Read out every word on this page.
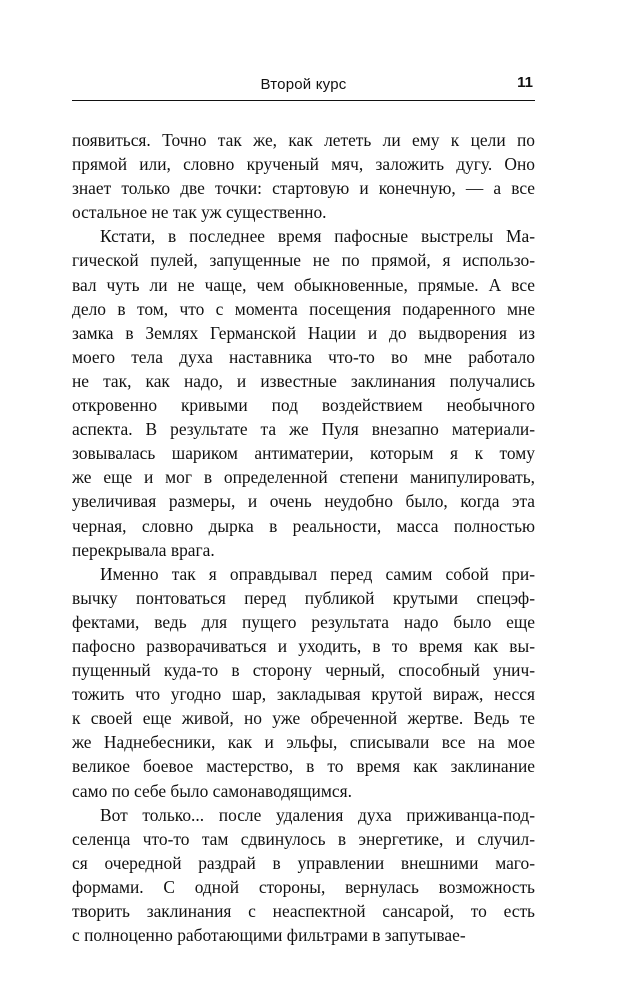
Второй курс	11
появиться. Точно так же, как лететь ли ему к цели по
прямой или, словно крученый мяч, заложить дугу. Оно
знает только две точки: стартовую и конечную, — а все
остальное не так уж существенно.
Кстати, в последнее время пафосные выстрелы Ма-
гической пулей, запущенные не по прямой, я использо-
вал чуть ли не чаще, чем обыкновенные, прямые. А все
дело в том, что с момента посещения подаренного мне
замка в Землях Германской Нации и до выдворения из
моего тела духа наставника что-то во мне работало
не так, как надо, и известные заклинания получались
откровенно кривыми под воздействием необычного
аспекта. В результате та же Пуля внезапно материали-
зовывалась шариком антиматерии, которым я к тому
же еще и мог в определенной степени манипулировать,
увеличивая размеры, и очень неудобно было, когда эта
черная, словно дырка в реальности, масса полностью
перекрывала врага.
Именно так я оправдывал перед самим собой при-
вычку понтоваться перед публикой крутыми спецэф-
фектами, ведь для пущего результата надо было еще
пафосно разворачиваться и уходить, в то время как вы-
пущенный куда-то в сторону черный, способный унич-
тожить что угодно шар, закладывая крутой вираж, несся
к своей еще живой, но уже обреченной жертве. Ведь те
же Наднебесники, как и эльфы, списывали все на мое
великое боевое мастерство, в то время как заклинание
само по себе было самонаводящимся.
Вот только... после удаления духа приживанца-под-
селенца что-то там сдвинулось в энергетике, и случил-
ся очередной раздрай в управлении внешними маго-
формами. С одной стороны, вернулась возможность
творить заклинания с неаспектной сансарой, то есть
с полноценно работающими фильтрами в запутывае-
